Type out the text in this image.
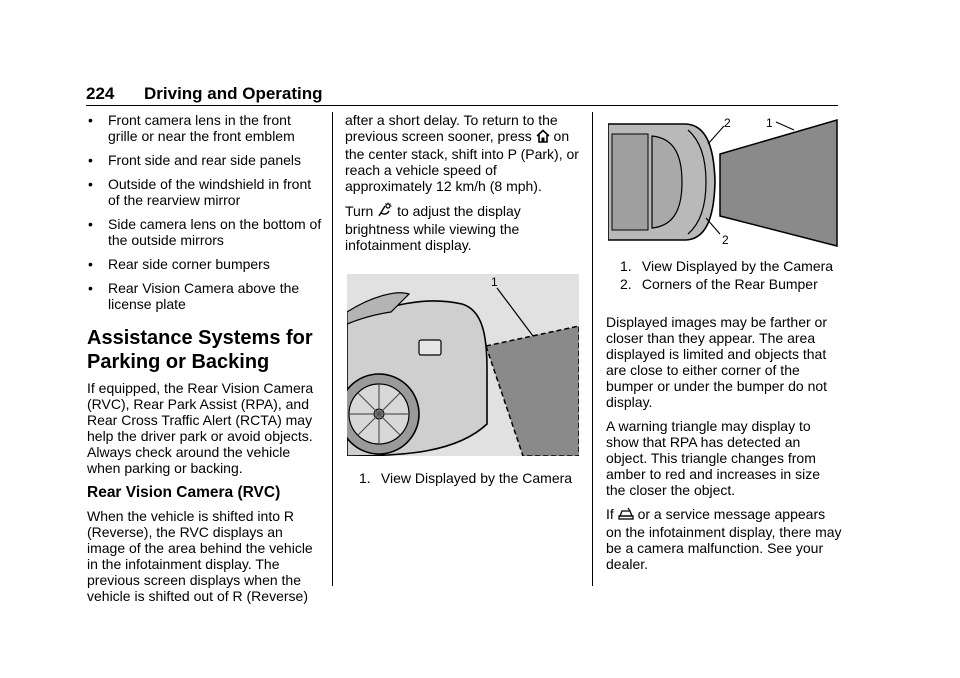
224 Driving and Operating
• Front camera lens in the front grille or near the front emblem
• Front side and rear side panels
• Outside of the windshield in front of the rearview mirror
• Side camera lens on the bottom of the outside mirrors
• Rear side corner bumpers
• Rear Vision Camera above the license plate
Assistance Systems for Parking or Backing

If equipped, the Rear Vision Camera (RVC), Rear Park Assist (RPA), and Rear Cross Traffic Alert (RCTA) may help the driver park or avoid objects. Always check around the vehicle when parking or backing.

Rear Vision Camera (RVC)

When the vehicle is shifted into R (Reverse), the RVC displays an image of the area behind the vehicle in the infotainment display. The previous screen displays when the vehicle is shifted out of R (Reverse)

after a short delay. To return to the previous screen sooner, press on the center stack, shift into P (Park), or reach a vehicle speed of approximately 12 km/h (8 mph).

Turn to adjust the display brightness while viewing the infotainment display.

1
1. View Displayed by the Camera
2	1
2
1. View Displayed by the Camera
2. Corners of the Rear Bumper

Displayed images may be farther or closer than they appear. The area displayed is limited and objects that are close to either corner of the bumper or under the bumper do not display.

A warning triangle may display to show that RPA has detected an object. This triangle changes from amber to red and increases in size the closer the object.

If or a service message appears on the infotainment display, there may be a camera malfunction. See your dealer.
